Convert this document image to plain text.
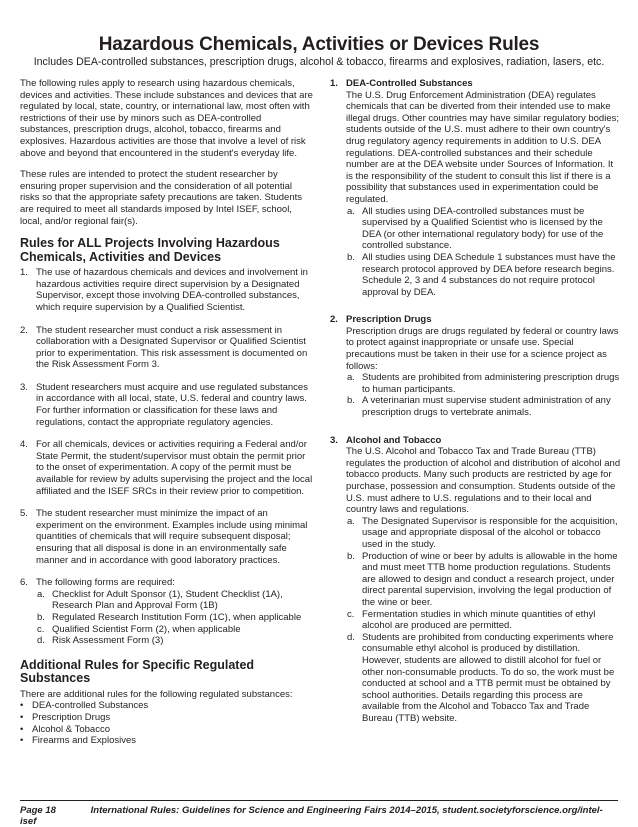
Hazardous Chemicals, Activities or Devices Rules
Includes DEA-controlled substances, prescription drugs, alcohol & tobacco, firearms and explosives, radiation, lasers, etc.

The following rules apply to research using hazardous chemicals, devices and activities. These include substances and devices that are regulated by local, state, country, or international law, most often with restrictions of their use by minors such as DEA-controlled substances, prescription drugs, alcohol, tobacco, firearms and explosives. Hazardous activities are those that involve a level of risk above and beyond that encountered in the student's everyday life.

These rules are intended to protect the student researcher by ensuring proper supervision and the consideration of all potential risks so that the appropriate safety precautions are taken. Students are required to meet all standards imposed by Intel ISEF, school, local, and/or regional fair(s).

Rules for ALL Projects Involving Hazardous Chemicals, Activities and Devices
1. The use of hazardous chemicals and devices and involvement in hazardous activities require direct supervision by a Designated Supervisor, except those involving DEA-controlled substances, which require supervision by a Qualified Scientist.
2. The student researcher must conduct a risk assessment in collaboration with a Designated Supervisor or Qualified Scientist prior to experimentation. This risk assessment is documented on the Risk Assessment Form 3.
3. Student researchers must acquire and use regulated substances in accordance with all local, state, U.S. federal and country laws. For further information or classification for these laws and regulations, contact the appropriate regulatory agencies.
4. For all chemicals, devices or activities requiring a Federal and/or State Permit, the student/supervisor must obtain the permit prior to the onset of experimentation. A copy of the permit must be available for review by adults supervising the project and the local affiliated and the ISEF SRCs in their review prior to competition.
5. The student researcher must minimize the impact of an experiment on the environment. Examples include using minimal quantities of chemicals that will require subsequent disposal; ensuring that all disposal is done in an environmentally safe manner and in accordance with good laboratory practices.
6. The following forms are required:
a. Checklist for Adult Sponsor (1), Student Checklist (1A), Research Plan and Approval Form (1B)
b. Regulated Research Institution Form (1C), when applicable
c. Qualified Scientist Form (2), when applicable
d. Risk Assessment Form (3)
Additional Rules for Specific Regulated Substances
There are additional rules for the following regulated substances:
• DEA-controlled Substances
• Prescription Drugs
• Alcohol & Tobacco
• Firearms and Explosives
1. DEA-Controlled Substances
The U.S. Drug Enforcement Administration (DEA) regulates chemicals that can be diverted from their intended use to make illegal drugs. Other countries may have similar regulatory bodies; students outside of the U.S. must adhere to their own country's drug regulatory agency requirements in addition to U.S. DEA regulations. DEA-controlled substances and their schedule number are at the DEA website under Sources of Information. It is the responsibility of the student to consult this list if there is a possibility that substances used in experimentation could be regulated.
a. All studies using DEA-controlled substances must be supervised by a Qualified Scientist who is licensed by the DEA (or other international regulatory body) for use of the controlled substance.
b. All studies using DEA Schedule 1 substances must have the research protocol approved by DEA before research begins. Schedule 2, 3 and 4 substances do not require protocol approval by DEA.
2. Prescription Drugs
Prescription drugs are drugs regulated by federal or country laws to protect against inappropriate or unsafe use. Special precautions must be taken in their use for a science project as follows:
a. Students are prohibited from administering prescription drugs to human participants.
b. A veterinarian must supervise student administration of any prescription drugs to vertebrate animals.
3. Alcohol and Tobacco
The U.S. Alcohol and Tobacco Tax and Trade Bureau (TTB) regulates the production of alcohol and distribution of alcohol and tobacco products. Many such products are restricted by age for purchase, possession and consumption. Students outside of the U.S. must adhere to U.S. regulations and to their local and country laws and regulations.
a. The Designated Supervisor is responsible for the acquisition, usage and appropriate disposal of the alcohol or tobacco used in the study.
b. Production of wine or beer by adults is allowable in the home and must meet TTB home production regulations. Students are allowed to design and conduct a research project, under direct parental supervision, involving the legal production of the wine or beer.
c. Fermentation studies in which minute quantities of ethyl alcohol are produced are permitted.
d. Students are prohibited from conducting experiments where consumable ethyl alcohol is produced by distillation. However, students are allowed to distill alcohol for fuel or other non-consumable products. To do so, the work must be conducted at school and a TTB permit must be obtained by school authorities. Details regarding this process are available from the Alcohol and Tobacco Tax and Trade Bureau (TTB) website.
Page 18	International Rules: Guidelines for Science and Engineering Fairs 2014–2015, student.societyforscience.org/intel-isef
